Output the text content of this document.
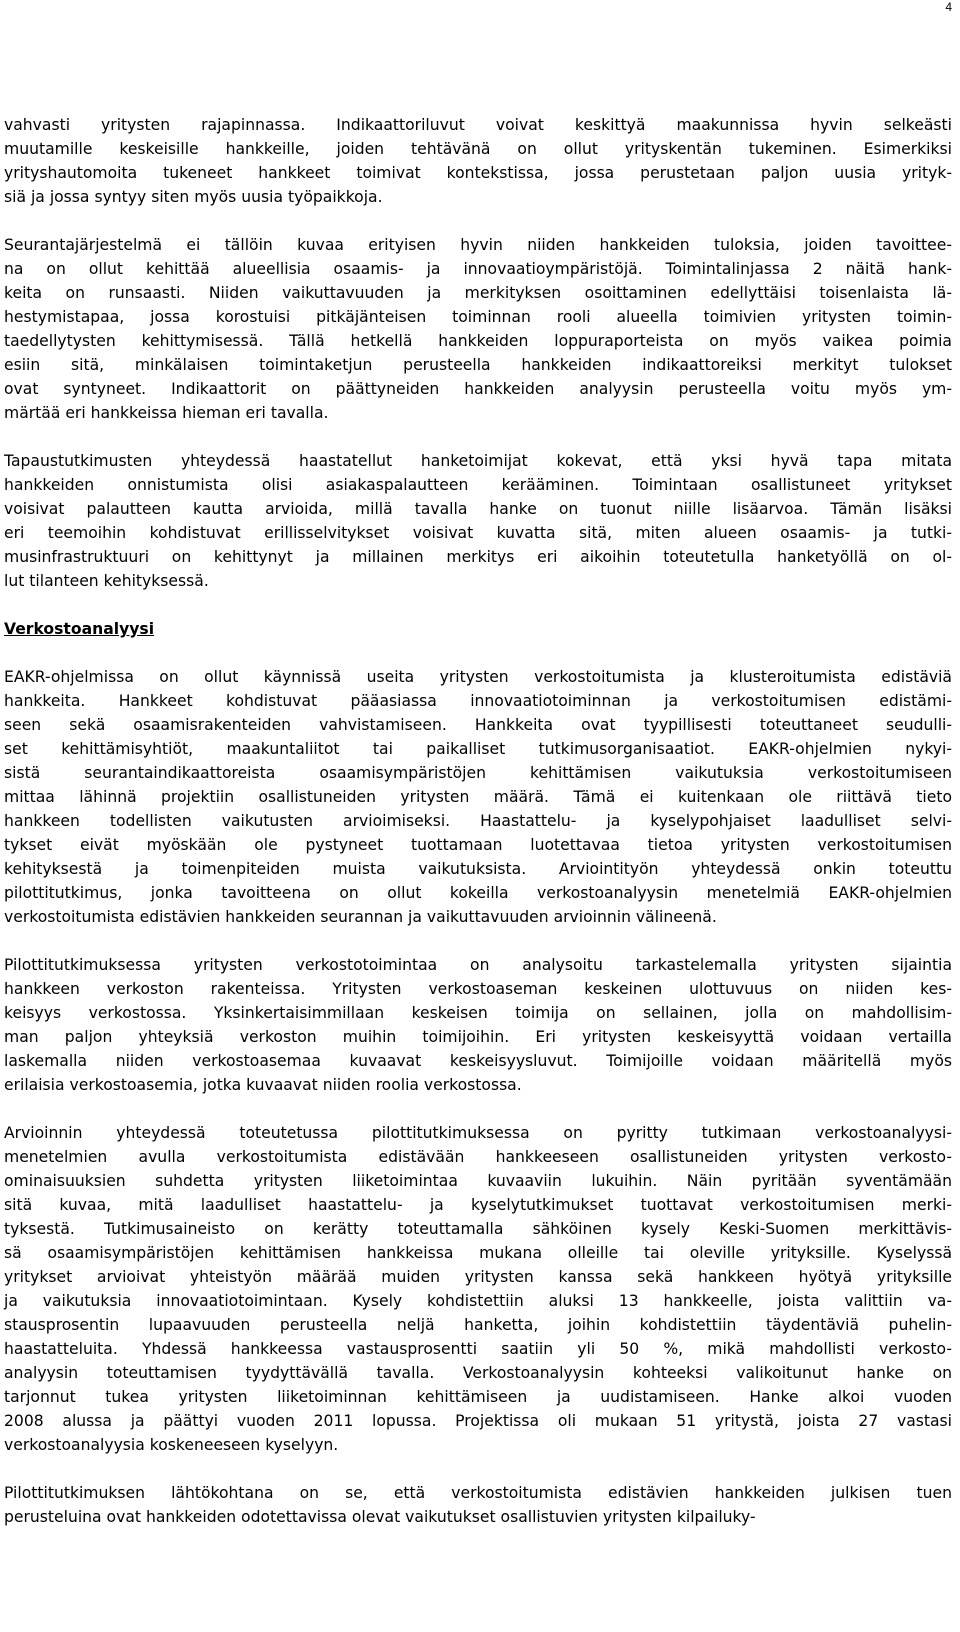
4
vahvasti yritysten rajapinnassa. Indikaattoriluvut voivat keskittyä maakunnissa hyvin selkeästi
muutamille keskeisille hankkeille, joiden tehtävänä on ollut yrityskentän tukeminen. Esimerkiksi
yrityshautomoita tukeneet hankkeet toimivat kontekstissa, jossa perustetaan paljon uusia yrityk-
siä ja jossa syntyy siten myös uusia työpaikkoja.
Seurantajärjestelmä ei tällöin kuvaa erityisen hyvin niiden hankkeiden tuloksia, joiden tavoittee-
na on ollut kehittää alueellisia osaamis- ja innovaatioympäristöjä. Toimintalinjassa 2 näitä hank-
keita on runsaasti. Niiden vaikuttavuuden ja merkityksen osoittaminen edellyttäisi toisenlaista lä-
hestymistapaa, jossa korostuisi pitkäjänteisen toiminnan rooli alueella toimivien yritysten toimin-
taedellytysten kehittymisessä. Tällä hetkellä hankkeiden loppuraporteista on myös vaikea poimia
esiin sitä, minkälaisen toimintaketjun perusteella hankkeiden indikaattoreiksi merkityt tulokset
ovat syntyneet. Indikaattorit on päättyneiden hankkeiden analyysin perusteella voitu myös ym-
märtää eri hankkeissa hieman eri tavalla.
Tapaustutkimusten yhteydessä haastatellut hanketoimijat kokevat, että yksi hyvä tapa mitata
hankkeiden onnistumista olisi asiakaspalautteen kerääminen. Toimintaan osallistuneet yritykset
voisivat palautteen kautta arvioida, millä tavalla hanke on tuonut niille lisäarvoa. Tämän lisäksi
eri teemoihin kohdistuvat erillisselvitykset voisivat kuvatta sitä, miten alueen osaamis- ja tutki-
musinfrastruktuuri on kehittynyt ja millainen merkitys eri aikoihin toteutetulla hanketyöllä on ol-
lut tilanteen kehityksessä.
Verkostoanalyysi
EAKR-ohjelmissa on ollut käynnissä useita yritysten verkostoitumista ja klusteroitumista edistäviä
hankkeita. Hankkeet kohdistuvat pääasiassa innovaatiotoiminnan ja verkostoitumisen edistämi-
seen sekä osaamisrakenteiden vahvistamiseen. Hankkeita ovat tyypillisesti toteuttaneet seudulli-
set kehittämisyhtiöt, maakuntaliitot tai paikalliset tutkimusorganisaatiot. EAKR-ohjelmien nykyi-
sistä seurantaindikaattoreista osaamisympäristöjen kehittämisen vaikutuksia verkostoitumiseen
mittaa lähinnä projektiin osallistuneiden yritysten määrä. Tämä ei kuitenkaan ole riittävä tieto
hankkeen todellisten vaikutusten arvioimiseksi. Haastattelu- ja kyselypohjaiset laadulliset selvi-
tykset eivät myöskään ole pystyneet tuottamaan luotettavaa tietoa yritysten verkostoitumisen
kehityksestä ja toimenpiteiden muista vaikutuksista. Arviointityön yhteydessä onkin toteuttu
pilottitutkimus, jonka tavoitteena on ollut kokeilla verkostoanalyysin menetelmiä EAKR-ohjelmien
verkostoitumista edistävien hankkeiden seurannan ja vaikuttavuuden arvioinnin välineenä.
Pilottitutkimuksessa yritysten verkostotoimintaa on analysoitu tarkastelemalla yritysten sijaintia
hankkeen verkoston rakenteissa. Yritysten verkostoaseman keskeinen ulottuvuus on niiden kes-
keisyys verkostossa. Yksinkertaisimmillaan keskeisen toimija on sellainen, jolla on mahdollisim-
man paljon yhteyksiä verkoston muihin toimijoihin. Eri yritysten keskeisyyttä voidaan vertailla
laskemalla niiden verkostoasemaa kuvaavat keskeisyysluvut. Toimijoille voidaan määritellä myös
erilaisia verkostoasemia, jotka kuvaavat niiden roolia verkostossa.
Arvioinnin yhteydessä toteutetussa pilottitutkimuksessa on pyritty tutkimaan verkostoanalyysi-
menetelmien avulla verkostoitumista edistävään hankkeeseen osallistuneiden yritysten verkosto-
ominaisuuksien suhdetta yritysten liiketoimintaa kuvaaviin lukuihin. Näin pyritään syventämään
sitä kuvaa, mitä laadulliset haastattelu- ja kyselytutkimukset tuottavat verkostoitumisen merki-
tyksestä. Tutkimusaineisto on kerätty toteuttamalla sähköinen kysely Keski-Suomen merkittävis-
sä osaamisympäristöjen kehittämisen hankkeissa mukana olleille tai oleville yrityksille. Kyselyssä
yritykset arvioivat yhteistyön määrää muiden yritysten kanssa sekä hankkeen hyötyä yrityksille
ja vaikutuksia innovaatiotoimintaan. Kysely kohdistettiin aluksi 13 hankkeelle, joista valittiin va-
stausprosentin lupaavuuden perusteella neljä hanketta, joihin kohdistettiin täydentäviä puhelin-
haastatteluita. Yhdessä hankkeessa vastausprosentti saatiin yli 50 %, mikä mahdollisti verkosto-
analyysin toteuttamisen tyydyttävällä tavalla. Verkostoanalyysin kohteeksi valikoitunut hanke on
tarjonnut tukea yritysten liiketoiminnan kehittämiseen ja uudistamiseen. Hanke alkoi vuoden
2008 alussa ja päättyi vuoden 2011 lopussa. Projektissa oli mukaan 51 yritystä, joista 27 vastasi
verkostoanalyysia koskeneeseen kyselyyn.
Pilottitutkimuksen lähtökohtana on se, että verkostoitumista edistävien hankkeiden julkisen tuen
perusteluina ovat hankkeiden odotettavissa olevat vaikutukset osallistuvien yritysten kilpailuky-
